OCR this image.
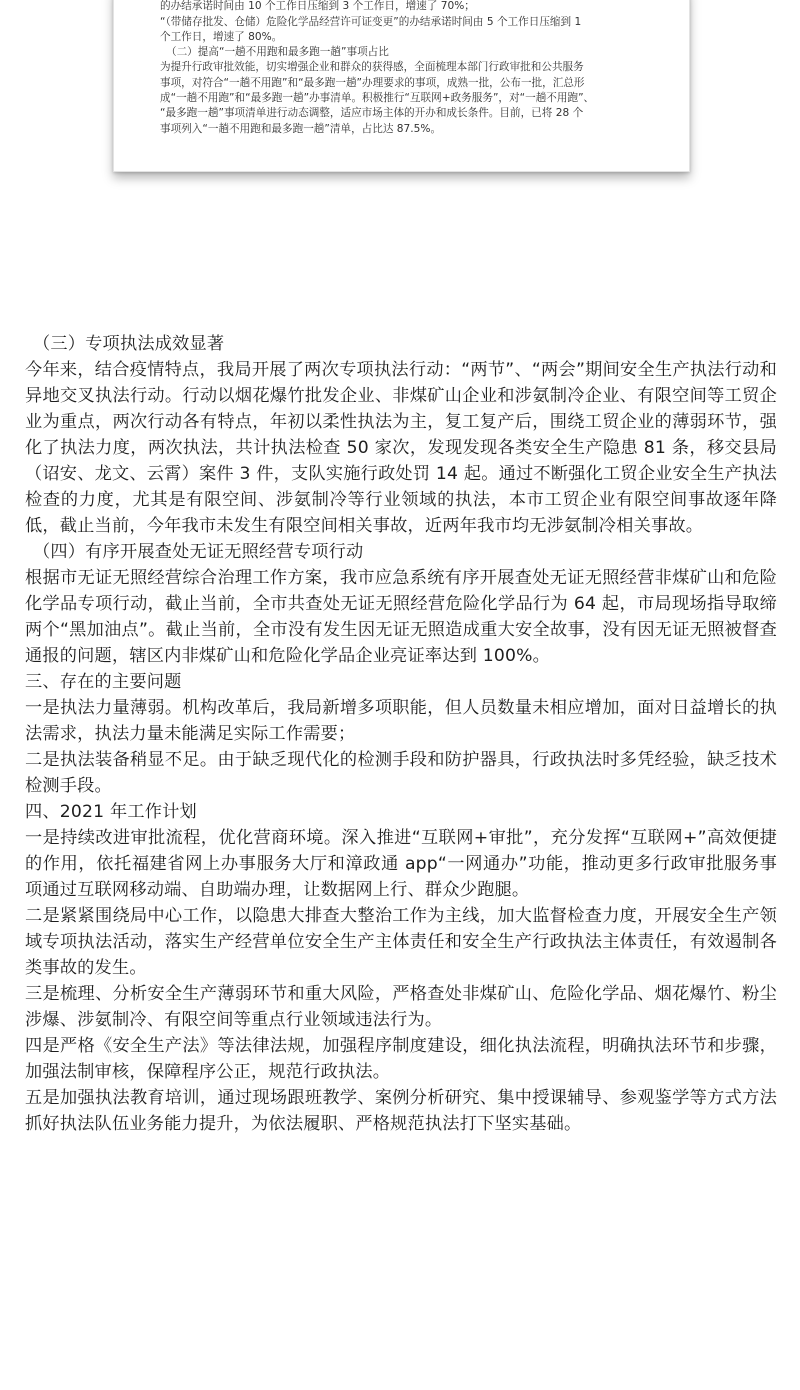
的办结承诺时间由 10 个工作日压缩到 3 个工作日，增速了 70%；

“（带储存批发、仓储）危险化学品经营许可证变更”的办结承诺时间由 5 个工作日压缩到 1

个工作日，增速了 80%。

（二）提高“一趟不用跑和最多跑一趟”事项占比

为提升行政审批效能，切实增强企业和群众的获得感，全面梳理本部门行政审批和公共服务

事项，对符合“一趟不用跑”和“最多跑一趟”办理要求的事项，成熟一批，公布一批，汇总形

成“一趟不用跑”和“最多跑一趟”办事清单。积极推行“互联网+政务服务”，对“一趟不用跑”、

“最多跑一趟”事项清单进行动态调整，适应市场主体的开办和成长条件。目前，已将 28 个

事项列入“一趟不用跑和最多跑一趟”清单，占比达 87.5%。

（三）专项执法成效显著

今年来，结合疫情特点，我局开展了两次专项执法行动：“两节”、“两会”期间安全生产执法行动和异地交叉执法行动。行动以烟花爆竹批发企业、非煤矿山企业和涉氨制冷企业、有限空间等工贸企业为重点，两次行动各有特点，年初以柔性执法为主，复工复产后，围绕工贸企业的薄弱环节，强化了执法力度，两次执法，共计执法检查 50 家次，发现发现各类安全生产隐患 81 条，移交县局（诏安、龙文、云霄）案件 3 件，支队实施行政处罚 14 起。通过不断强化工贸企业安全生产执法检查的力度，尤其是有限空间、涉氨制冷等行业领域的执法，本市工贸企业有限空间事故逐年降低，截止当前，今年我市未发生有限空间相关事故，近两年我市均无涉氨制冷相关事故。

（四）有序开展查处无证无照经营专项行动

根据市无证无照经营综合治理工作方案，我市应急系统有序开展查处无证无照经营非煤矿山和危险化学品专项行动，截止当前，全市共查处无证无照经营危险化学品行为 64 起，市局现场指导取缔两个“黑加油点”。截止当前，全市没有发生因无证无照造成重大安全故事，没有因无证无照被督查通报的问题，辖区内非煤矿山和危险化学品企业亮证率达到 100%。

三、存在的主要问题

一是执法力量薄弱。机构改革后，我局新增多项职能，但人员数量未相应增加，面对日益增长的执法需求，执法力量未能满足实际工作需要；

二是执法装备稍显不足。由于缺乏现代化的检测手段和防护器具，行政执法时多凭经验，缺乏技术检测手段。

四、2021 年工作计划

一是持续改进审批流程，优化营商环境。深入推进“互联网+审批”，充分发挥“互联网+”高效便捷的作用，依托福建省网上办事服务大厅和漳政通 app“一网通办”功能，推动更多行政审批服务事项通过互联网移动端、自助端办理，让数据网上行、群众少跑腿。

二是紧紧围绕局中心工作，以隐患大排查大整治工作为主线，加大监督检查力度，开展安全生产领域专项执法活动，落实生产经营单位安全生产主体责任和安全生产行政执法主体责任，有效遏制各类事故的发生。

三是梳理、分析安全生产薄弱环节和重大风险，严格查处非煤矿山、危险化学品、烟花爆竹、粉尘涉爆、涉氨制冷、有限空间等重点行业领域违法行为。

四是严格《安全生产法》等法律法规，加强程序制度建设，细化执法流程，明确执法环节和步骤，加强法制审核，保障程序公正，规范行政执法。

五是加强执法教育培训，通过现场跟班教学、案例分析研究、集中授课辅导、参观鉴学等方式方法抓好执法队伍业务能力提升，为依法履职、严格规范执法打下坚实基础。
